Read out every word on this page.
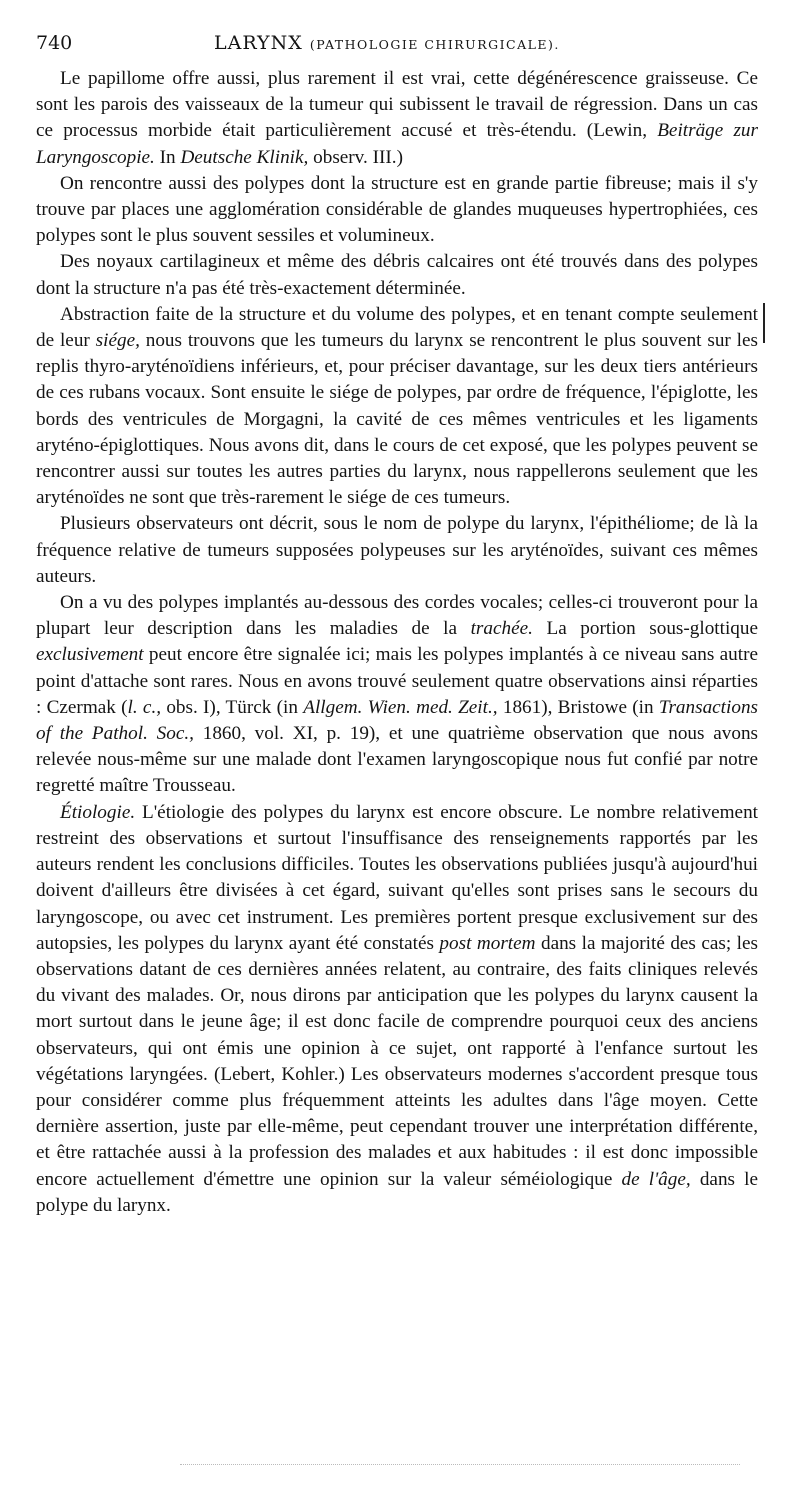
740	LARYNX (PATHOLOGIE CHIRURGICALE).

Le papillome offre aussi, plus rarement il est vrai, cette dégénérescence graisseuse. Ce sont les parois des vaisseaux de la tumeur qui subissent le travail de régression. Dans un cas ce processus morbide était particulièrement accusé et très-étendu. (Lewin, Beiträge zur Laryngoscopie. In Deutsche Klinik, observ. III.)

On rencontre aussi des polypes dont la structure est en grande partie fibreuse; mais il s'y trouve par places une agglomération considérable de glandes muqueuses hypertrophiées, ces polypes sont le plus souvent sessiles et volumineux.

Des noyaux cartilagineux et même des débris calcaires ont été trouvés dans des polypes dont la structure n'a pas été très-exactement déterminée.

Abstraction faite de la structure et du volume des polypes, et en tenant compte seulement de leur siége, nous trouvons que les tumeurs du larynx se rencontrent le plus souvent sur les replis thyro-aryténoïdiens inférieurs, et, pour préciser davantage, sur les deux tiers antérieurs de ces rubans vocaux. Sont ensuite le siége de polypes, par ordre de fréquence, l'épiglotte, les bords des ventricules de Morgagni, la cavité de ces mêmes ventricules et les ligaments aryténo-épiglottiques. Nous avons dit, dans le cours de cet exposé, que les polypes peuvent se rencontrer aussi sur toutes les autres parties du larynx, nous rappellerons seulement que les aryténoïdes ne sont que très-rarement le siége de ces tumeurs.

Plusieurs observateurs ont décrit, sous le nom de polype du larynx, l'épithéliome; de là la fréquence relative de tumeurs supposées polypeuses sur les aryténoïdes, suivant ces mêmes auteurs.

On a vu des polypes implantés au-dessous des cordes vocales; celles-ci trouveront pour la plupart leur description dans les maladies de la trachée. La portion sous-glottique exclusivement peut encore être signalée ici; mais les polypes implantés à ce niveau sans autre point d'attache sont rares. Nous en avons trouvé seulement quatre observations ainsi réparties : Czermak (l. c., obs. I), Türck (in Allgem. Wien. med. Zeit., 1861), Bristowe (in Transactions of the Pathol. Soc., 1860, vol. XI, p. 19), et une quatrième observation que nous avons relevée nous-même sur une malade dont l'examen laryngoscopique nous fut confié par notre regretté maître Trousseau.

Étiologie. L'étiologie des polypes du larynx est encore obscure. Le nombre relativement restreint des observations et surtout l'insuffisance des renseignements rapportés par les auteurs rendent les conclusions difficiles. Toutes les observations publiées jusqu'à aujourd'hui doivent d'ailleurs être divisées à cet égard, suivant qu'elles sont prises sans le secours du laryngoscope, ou avec cet instrument. Les premières portent presque exclusivement sur des autopsies, les polypes du larynx ayant été constatés post mortem dans la majorité des cas; les observations datant de ces dernières années relatent, au contraire, des faits cliniques relevés du vivant des malades. Or, nous dirons par anticipation que les polypes du larynx causent la mort surtout dans le jeune âge; il est donc facile de comprendre pourquoi ceux des anciens observateurs, qui ont émis une opinion à ce sujet, ont rapporté à l'enfance surtout les végétations laryngées. (Lebert, Kohler.) Les observateurs modernes s'accordent presque tous pour considérer comme plus fréquemment atteints les adultes dans l'âge moyen. Cette dernière assertion, juste par elle-même, peut cependant trouver une interprétation différente, et être rattachée aussi à la profession des malades et aux habitudes : il est donc impossible encore actuellement d'émettre une opinion sur la valeur séméiologique de l'âge, dans le polype du larynx.
